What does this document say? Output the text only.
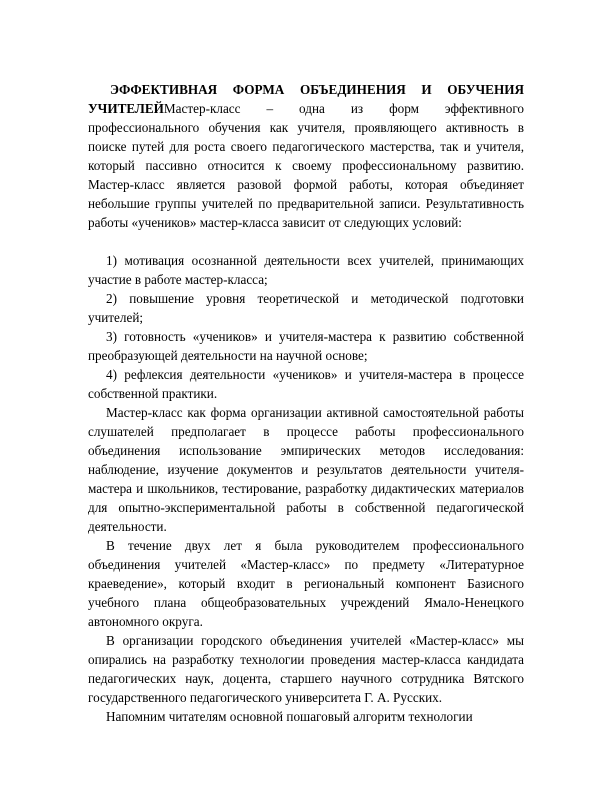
ЭФФЕКТИВНАЯ ФОРМА ОБЪЕДИНЕНИЯ И ОБУЧЕНИЯ УЧИТЕЛЕЙМастер-класс – одна из форм эффективного профессионального обучения как учителя, проявляющего активность в поиске путей для роста своего педагогического мастерства, так и учителя, который пассивно относится к своему профессиональному развитию. Мастер-класс является разовой формой работы, которая объединяет небольшие группы учителей по предварительной записи. Результативность работы «учеников» мастер-класса зависит от следующих условий:

1) мотивация осознанной деятельности всех учителей, принимающих участие в работе мастер-класса;

2) повышение уровня теоретической и методической подготовки учителей;

3) готовность «учеников» и учителя-мастера к развитию собственной преобразующей деятельности на научной основе;

4) рефлексия деятельности «учеников» и учителя-мастера в процессе собственной практики.

Мастер-класс как форма организации активной самостоятельной работы слушателей предполагает в процессе работы профессионального объединения использование эмпирических методов исследования: наблюдение, изучение документов и результатов деятельности учителя-мастера и школьников, тестирование, разработку дидактических материалов для опытно-экспериментальной работы в собственной педагогической деятельности.

В течение двух лет я была руководителем профессионального объединения учителей «Мастер-класс» по предмету «Литературное краеведение», который входит в региональный компонент Базисного учебного плана общеобразовательных учреждений Ямало-Ненецкого автономного округа.

В организации городского объединения учителей «Мастер-класс» мы опирались на разработку технологии проведения мастер-класса кандидата педагогических наук, доцента, старшего научного сотрудника Вятского государственного педагогического университета Г. А. Русских.

Напомним читателям основной пошаговый алгоритм технологии
